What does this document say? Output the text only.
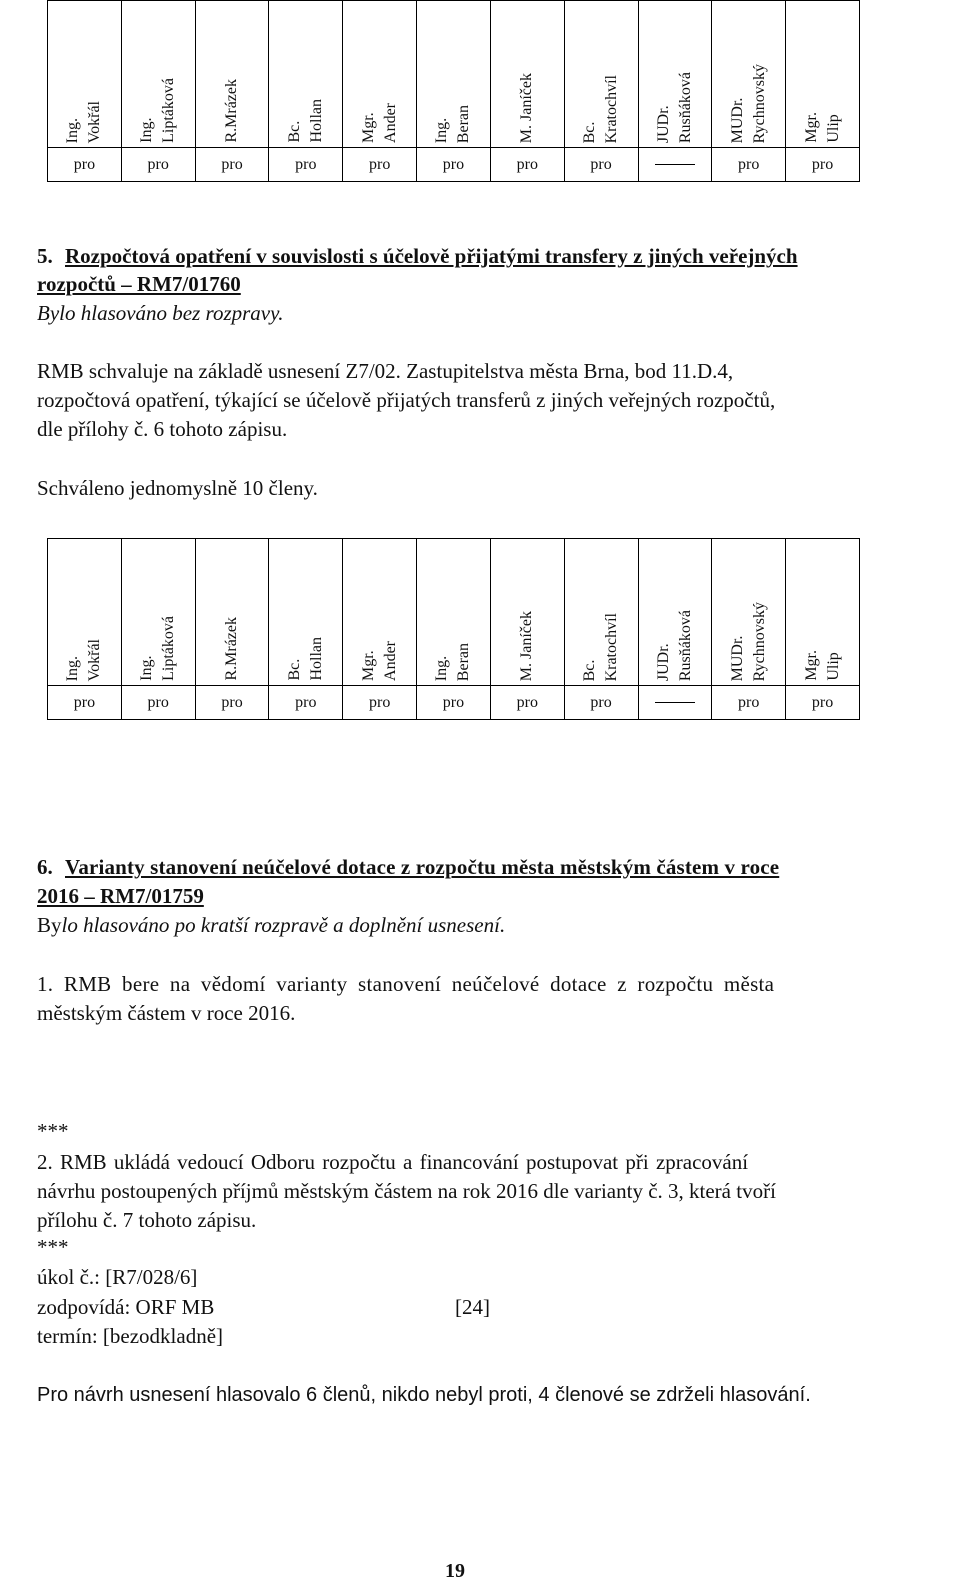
Ing. Vokřál	Ing. Liptáková	R.Mrázek	Bc. Hollan	Mgr. Ander	Ing. Beran	M. Janíček	Bc. Kratochvíl	JUDr. Rusňáková	MUDr. Rychnovský	Mgr. Ulip

pro	pro	pro	pro	pro	pro	pro	pro		pro	pro
5. Rozpočtová opatření v souvislosti s účelově přijatými transfery z jiných veřejných
rozpočtů – RM7/01760
Bylo hlasováno bez rozpravy.
RMB schvaluje na základě usnesení Z7/02. Zastupitelstva města Brna, bod 11.D.4,
rozpočtová opatření, týkající se účelově přijatých transferů z jiných veřejných rozpočtů,
dle přílohy č. 6 tohoto zápisu.
Schváleno jednomyslně 10 členy.
Ing. Vokřál	Ing. Liptáková	R.Mrázek	Bc. Hollan	Mgr. Ander	Ing. Beran	M. Janíček	Bc. Kratochvíl	JUDr. Rusňáková	MUDr. Rychnovský	Mgr. Ulip

pro	pro	pro	pro	pro	pro	pro	pro		pro	pro
6. Varianty stanovení neúčelové dotace z rozpočtu města městským částem v roce
2016 – RM7/01759
Bylo hlasováno po kratší rozpravě a doplnění usnesení.
1. RMB bere na vědomí varianty stanovení neúčelové dotace z rozpočtu města
městským částem v roce 2016.
***
2. RMB ukládá vedoucí Odboru rozpočtu a financování postupovat při zpracování
návrhu postoupených příjmů městským částem na rok 2016 dle varianty č. 3, která tvoří
přílohu č. 7 tohoto zápisu.
***
úkol č.: [R7/028/6]
zodpovídá: ORF MB	[24]
termín: [bezodkladně]
Pro návrh usnesení hlasovalo 6 členů, nikdo nebyl proti, 4 členové se zdrželi hlasování.
19
